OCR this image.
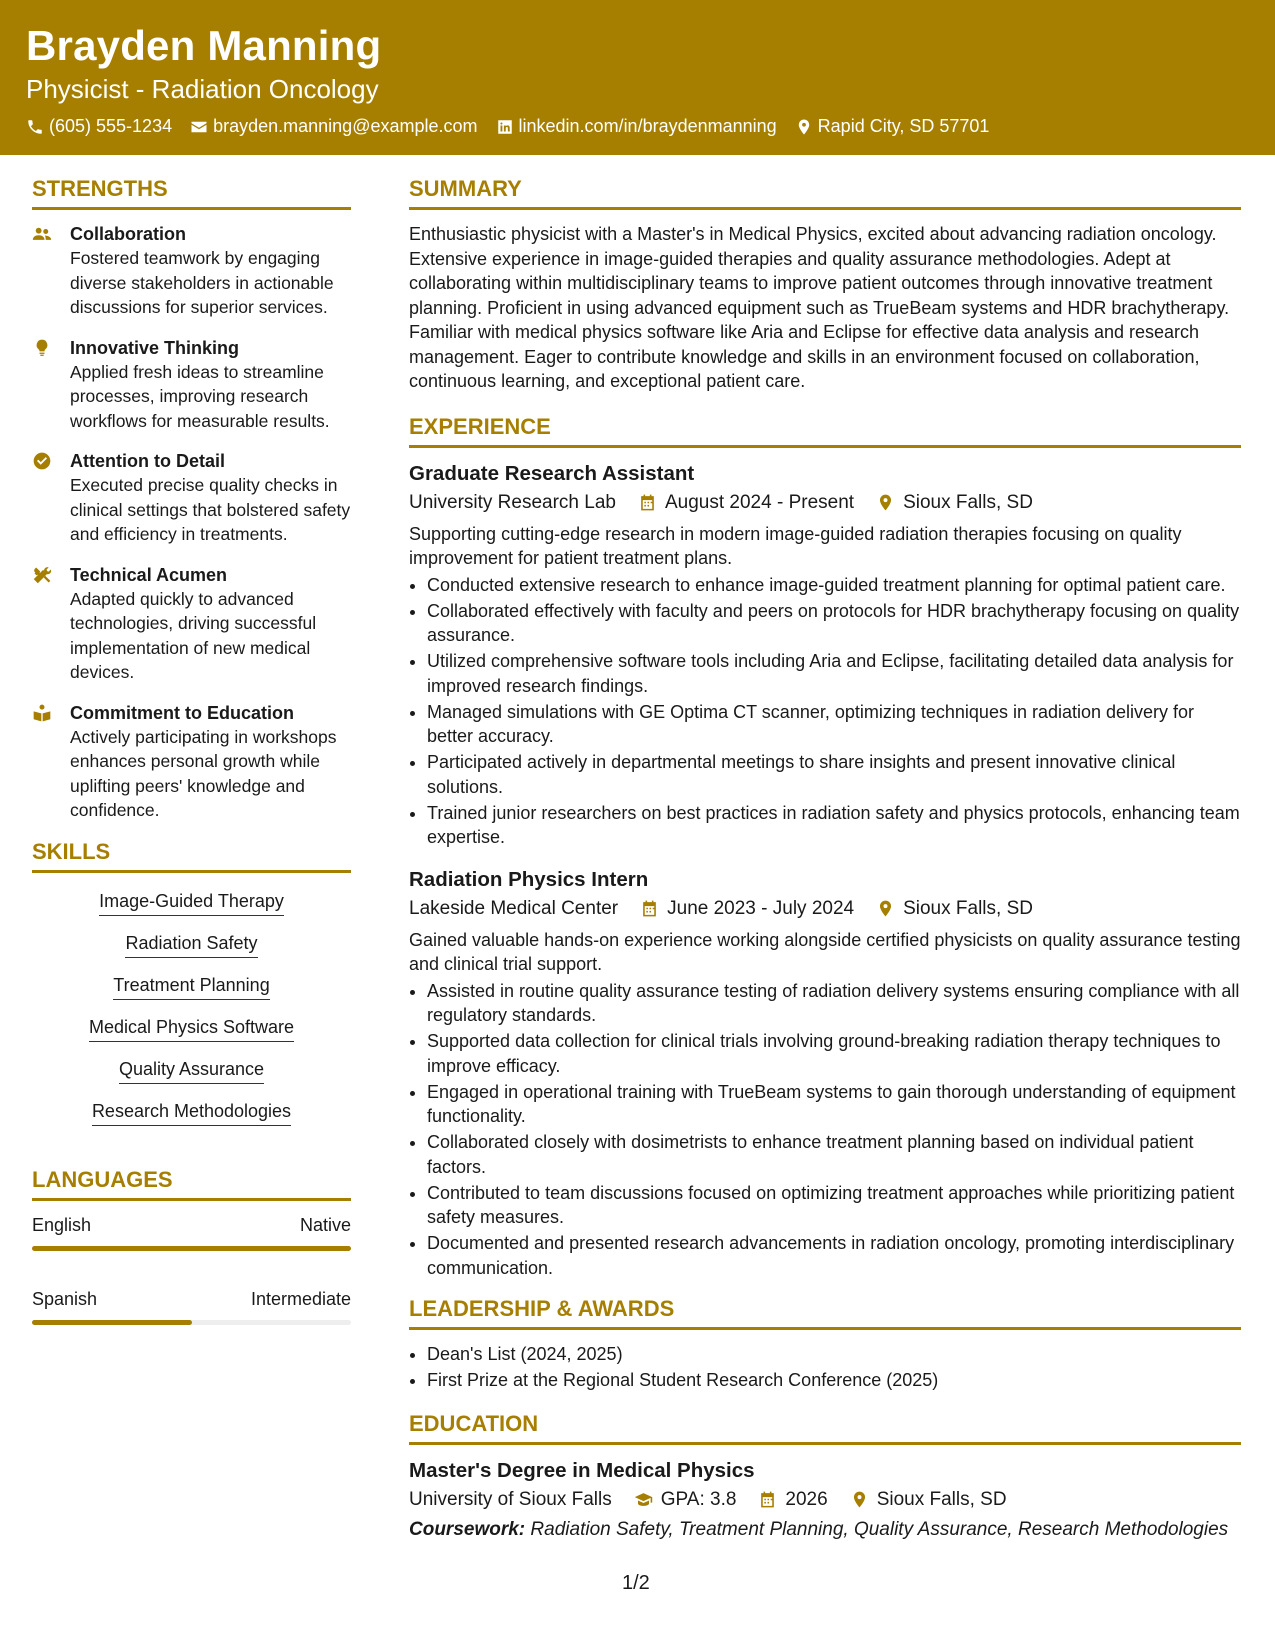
Brayden Manning
Physicist - Radiation Oncology
(605) 555-1234 brayden.manning@example.com linkedin.com/in/braydenmanning Rapid City, SD 57701
STRENGTHS
Collaboration
Fostered teamwork by engaging diverse stakeholders in actionable discussions for superior services.
Innovative Thinking
Applied fresh ideas to streamline processes, improving research workflows for measurable results.
Attention to Detail
Executed precise quality checks in clinical settings that bolstered safety and efficiency in treatments.
Technical Acumen
Adapted quickly to advanced technologies, driving successful implementation of new medical devices.
Commitment to Education
Actively participating in workshops enhances personal growth while uplifting peers' knowledge and confidence.
SKILLS
Image-Guided Therapy
Radiation Safety
Treatment Planning
Medical Physics Software
Quality Assurance
Research Methodologies
LANGUAGES
English	Native
Spanish	Intermediate
SUMMARY
Enthusiastic physicist with a Master's in Medical Physics, excited about advancing radiation oncology. Extensive experience in image-guided therapies and quality assurance methodologies. Adept at collaborating within multidisciplinary teams to improve patient outcomes through innovative treatment planning. Proficient in using advanced equipment such as TrueBeam systems and HDR brachytherapy. Familiar with medical physics software like Aria and Eclipse for effective data analysis and research management. Eager to contribute knowledge and skills in an environment focused on collaboration, continuous learning, and exceptional patient care.
EXPERIENCE
Graduate Research Assistant
University Research Lab	August 2024 - Present	Sioux Falls, SD
Supporting cutting-edge research in modern image-guided radiation therapies focusing on quality improvement for patient treatment plans.
• Conducted extensive research to enhance image-guided treatment planning for optimal patient care.
• Collaborated effectively with faculty and peers on protocols for HDR brachytherapy focusing on quality assurance.
• Utilized comprehensive software tools including Aria and Eclipse, facilitating detailed data analysis for improved research findings.
• Managed simulations with GE Optima CT scanner, optimizing techniques in radiation delivery for better accuracy.
• Participated actively in departmental meetings to share insights and present innovative clinical solutions.
• Trained junior researchers on best practices in radiation safety and physics protocols, enhancing team expertise.
Radiation Physics Intern
Lakeside Medical Center	June 2023 - July 2024	Sioux Falls, SD
Gained valuable hands-on experience working alongside certified physicists on quality assurance testing and clinical trial support.
• Assisted in routine quality assurance testing of radiation delivery systems ensuring compliance with all regulatory standards.
• Supported data collection for clinical trials involving ground-breaking radiation therapy techniques to improve efficacy.
• Engaged in operational training with TrueBeam systems to gain thorough understanding of equipment functionality.
• Collaborated closely with dosimetrists to enhance treatment planning based on individual patient factors.
• Contributed to team discussions focused on optimizing treatment approaches while prioritizing patient safety measures.
• Documented and presented research advancements in radiation oncology, promoting interdisciplinary communication.
LEADERSHIP & AWARDS
• Dean's List (2024, 2025)
• First Prize at the Regional Student Research Conference (2025)
EDUCATION
Master's Degree in Medical Physics
University of Sioux Falls	GPA: 3.8	2026	Sioux Falls, SD
Coursework: Radiation Safety, Treatment Planning, Quality Assurance, Research Methodologies
1/2
